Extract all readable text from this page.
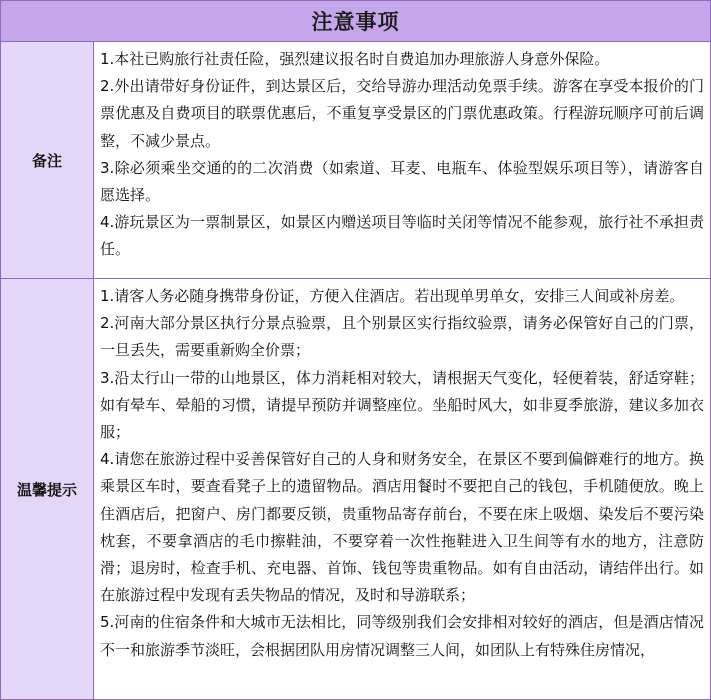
注意事项
备注

1.本社已购旅行社责任险，强烈建议报名时自费追加办理旅游人身意外保险。

2.外出请带好身份证件，到达景区后，交给导游办理活动免票手续。游客在享受本报价的门票优惠及自费项目的联票优惠后，不重复享受景区的门票优惠政策。行程游玩顺序可前后调整，不减少景点。

3.除必须乘坐交通的的二次消费（如索道、耳麦、电瓶车、体验型娱乐项目等），请游客自愿选择。

4.游玩景区为一票制景区，如景区内赠送项目等临时关闭等情况不能参观，旅行社不承担责任。

温馨提示

1.请客人务必随身携带身份证，方便入住酒店。若出现单男单女，安排三人间或补房差。

2.河南大部分景区执行分景点验票，且个别景区实行指纹验票，请务必保管好自己的门票，一旦丢失，需要重新购全价票；

3.沿太行山一带的山地景区，体力消耗相对较大，请根据天气变化，轻便着装，舒适穿鞋；如有晕车、晕船的习惯，请提早预防并调整座位。坐船时风大，如非夏季旅游，建议多加衣服；

4.请您在旅游过程中妥善保管好自己的人身和财务安全，在景区不要到偏僻难行的地方。换乘景区车时，要查看凳子上的遗留物品。酒店用餐时不要把自己的钱包，手机随便放。晚上住酒店后，把窗户、房门都要反锁，贵重物品寄存前台，不要在床上吸烟、染发后不要污染枕套，不要拿酒店的毛巾擦鞋油，不要穿着一次性拖鞋进入卫生间等有水的地方，注意防滑；退房时，检查手机、充电器、首饰、钱包等贵重物品。如有自由活动，请结伴出行。如在旅游过程中发现有丢失物品的情况，及时和导游联系；

5.河南的住宿条件和大城市无法相比，同等级别我们会安排相对较好的酒店，但是酒店情况不一和旅游季节淡旺，会根据团队用房情况调整三人间，如团队上有特殊住房情况，
